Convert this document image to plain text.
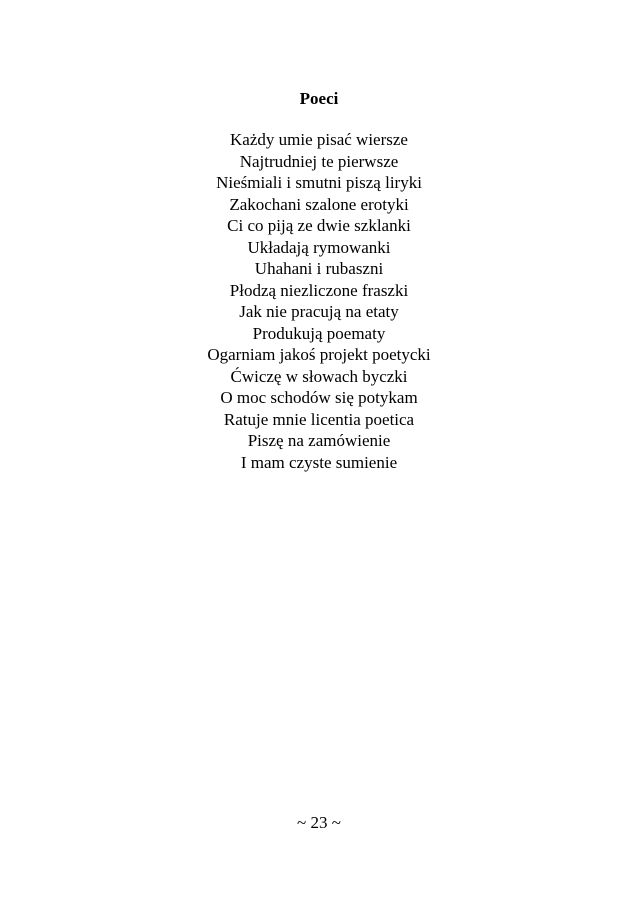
Poeci
Każdy umie pisać wiersze
Najtrudniej te pierwsze
Nieśmiali i smutni piszą liryki
Zakochani szalone erotyki
Ci co piją ze dwie szklanki
Układają rymowanki
Uhahani i rubaszni
Płodzą niezliczone fraszki
Jak nie pracują na etaty
Produkują poematy
Ogarniam jakoś projekt poetycki
Ćwiczę w słowach byczki
O moc schodów się potykam
Ratuje mnie licentia poetica
Piszę na zamówienie
I mam czyste sumienie

~ 23 ~
